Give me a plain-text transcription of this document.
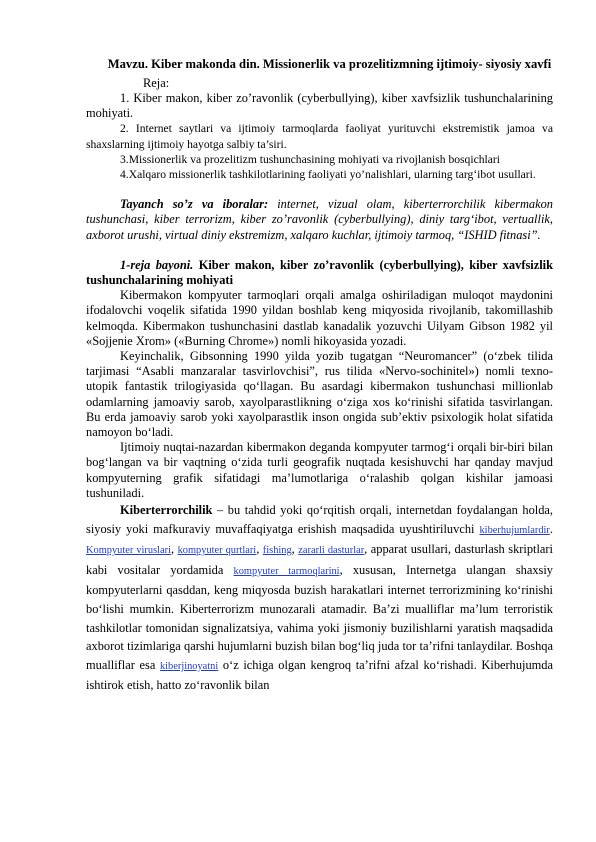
Mavzu. Kiber makonda din. Missionerlik va prozelitizmning ijtimoiy- siyosiy xavfi
Reja:

1. Kiber makon, kiber zo’ravonlik (cyberbullying), kiber xavfsizlik tushunchalarining mohiyati.

2. Internet saytlari va ijtimoiy tarmoqlarda faoliyat yurituvchi ekstremistik jamoa va shaxslarning ijtimoiy hayotga salbiy ta’siri.

3.Missionerlik va prozelitizm tushunchasining mohiyati va rivojlanish bosqichlari

4.Xalqaro missionerlik tashkilotlarining faoliyati yo’nalishlari, ularning targ‘ibot usullari.

Tayanch so’z va iboralar: internet, vizual olam, kiberterrorchilik kibermakon tushunchasi, kiber terrorizm, kiber zo’ravonlik (cyberbullying), diniy targ‘ibot, vertuallik, axborot urushi, virtual diniy ekstremizm, xalqaro kuchlar, ijtimoiy tarmoq, “ISHID fitnasi”.

1-reja bayoni. Kiber makon, kiber zo’ravonlik (cyberbullying), kiber xavfsizlik tushunchalarining mohiyati

Kibermakon kompyuter tarmoqlari orqali amalga oshiriladigan muloqot maydonini ifodalovchi voqelik sifatida 1990 yildan boshlab keng miqyosida rivojlanib, takomillashib kelmoqda. Kibermakon tushunchasini dastlab kanadalik yozuvchi Uilyam Gibson 1982 yil «Sojjenie Xrom» («Burning Chrome») nomli hikoyasida yozadi.

Keyinchalik, Gibsonning 1990 yilda yozib tugatgan “Neuromancer” (o‘zbek tilida tarjimasi “Asabli manzaralar tasvirlovchisi”, rus tilida «Nervo-sochinitel») nomli texno-utopik fantastik trilogiyasida qo‘llagan. Bu asardagi kibermakon tushunchasi millionlab odamlarning jamoaviy sarob, xayolparastlikning o‘ziga xos ko‘rinishi sifatida tasvirlangan. Bu erda jamoaviy sarob yoki xayolparastlik inson ongida sub’ektiv psixologik holat sifatida namoyon bo‘ladi.

Ijtimoiy nuqtai-nazardan kibermakon deganda kompyuter tarmog‘i orqali bir-biri bilan bog‘langan va bir vaqtning o‘zida turli geografik nuqtada kesishuvchi har qanday mavjud kompyuterning grafik sifatidagi ma’lumotlariga o‘ralashib qolgan kishilar jamoasi tushuniladi.

Kiberterrorchilik – bu tahdid yoki qo‘rqitish orqali, internetdan foydalangan holda, siyosiy yoki mafkuraviy muvaffaqiyatga erishish maqsadida uyushtiriluvchi kiberhujumlardir. Kompyuter viruslari, kompyuter qurtlari, fishing, zararli dasturlar, apparat usullari, dasturlash skriptlari kabi vositalar yordamida kompyuter tarmoqlarini, xususan, Internetga ulangan shaxsiy kompyuterlarni qasddan, keng miqyosda buzish harakatlari internet terrorizmining ko‘rinishi bo‘lishi mumkin. Kiberterrorizm munozarali atamadir. Ba’zi mualliflar ma’lum terroristik tashkilotlar tomonidan signalizatsiya, vahima yoki jismoniy buzilishlarni yaratish maqsadida axborot tizimlariga qarshi hujumlarni buzish bilan bog‘liq juda tor ta’rifni tanlaydilar. Boshqa mualliflar esa kiberjinoyatni o‘z ichiga olgan kengroq ta’rifni afzal ko‘rishadi. Kiberhujumda ishtirok etish, hatto zo‘ravonlik bilan
